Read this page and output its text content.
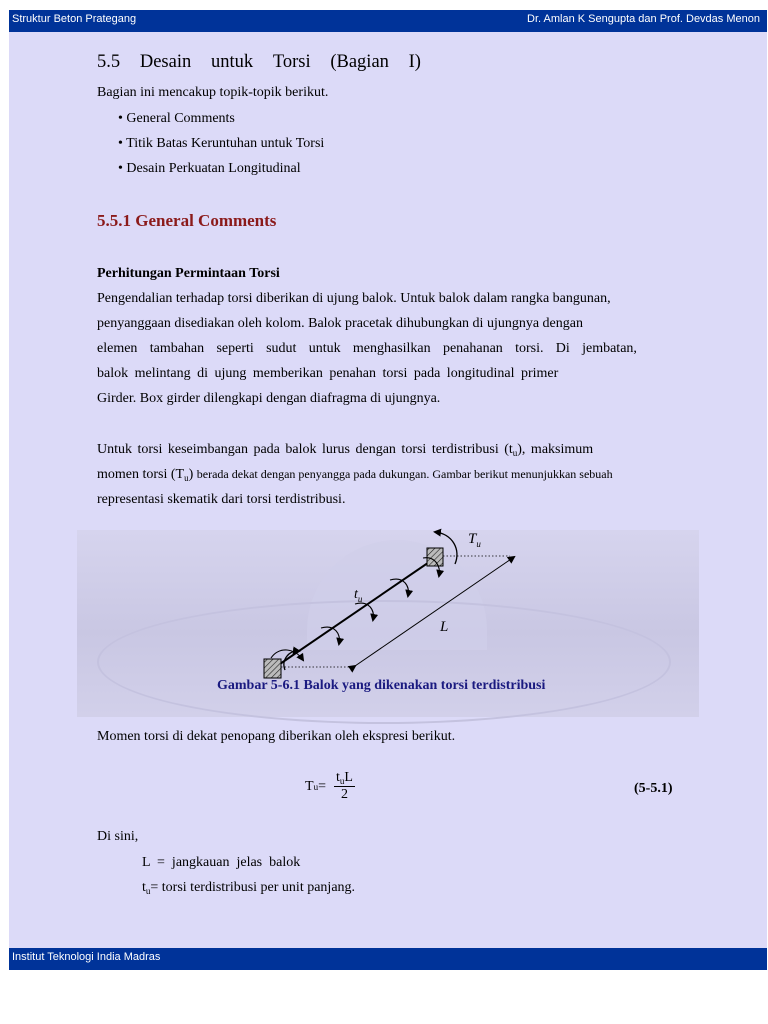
Struktur Beton Prategang	Dr. Amlan K Sengupta dan Prof. Devdas Menon
5.5 Desain untuk Torsi (Bagian I)
Bagian ini mencakup topik-topik berikut.
• General Comments
• Titik Batas Keruntuhan untuk Torsi
• Desain Perkuatan Longitudinal
5.5.1 General Comments
Perhitungan Permintaan Torsi
Pengendalian terhadap torsi diberikan di ujung balok. Untuk balok dalam rangka bangunan,
penyanggaan disediakan oleh kolom. Balok pracetak dihubungkan di ujungnya dengan
elemen tambahan seperti sudut untuk menghasilkan penahanan torsi. Di jembatan,
balok melintang di ujung memberikan penahan torsi pada longitudinal primer
Girder. Box girder dilengkapi dengan diafragma di ujungnya.
Untuk torsi keseimbangan pada balok lurus dengan torsi terdistribusi $(t_u)$, maksimum
momen torsi $(T_u)$ berada dekat dengan penyangga pada dukungan. Gambar berikut menunjukkan sebuah
representasi skematik dari torsi terdistribusi.
Momen torsi di dekat penopang diberikan oleh ekspresi berikut.
T $u = \frac{t_uL}{2}$	(5-5.1)
Di sini,
L  =  jangkauan  jelas  balok
$t_u=$ torsi terdistribusi per unit panjang.
$T_u$
$t_u$
L
Gambar 5-6.1 Balok yang dikenakan torsi terdistribusi
Institut Teknologi India Madras
